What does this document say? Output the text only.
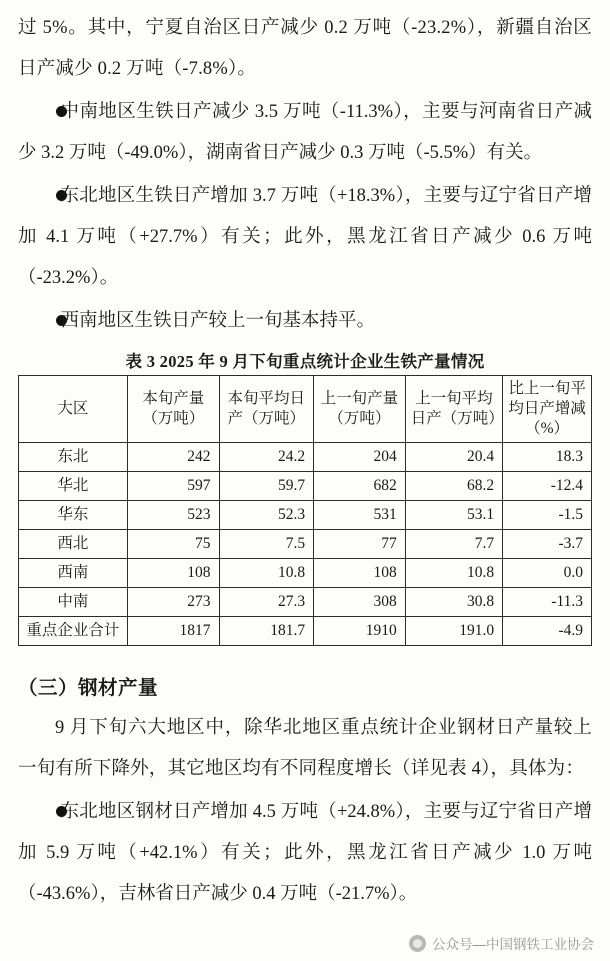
过 5%。其中，宁夏自治区日产减少 0.2 万吨（-23.2%），新疆自治区日产减少 0.2 万吨（-7.8%）。

中南地区生铁日产减少 3.5 万吨（-11.3%），主要与河南省日产减少 3.2 万吨（-49.0%），湖南省日产减少 0.3 万吨（-5.5%）有关。

东北地区生铁日产增加 3.7 万吨（+18.3%），主要与辽宁省日产增加 4.1 万吨（+27.7%）有关；此外，黑龙江省日产减少 0.6 万吨（-23.2%）。

西南地区生铁日产较上一旬基本持平。

表 3 2025 年 9 月下旬重点统计企业生铁产量情况
大区	本旬产量（万吨）	本旬平均日产（万吨）	上一旬产量（万吨）	上一旬平均日产（万吨）	比上一旬平均日产增减（%）
东北	242	24.2	204	20.4	18.3
华北	597	59.7	682	68.2	-12.4
华东	523	52.3	531	53.1	-1.5
西北	75	7.5	77	7.7	-3.7
西南	108	10.8	108	10.8	0.0
中南	273	27.3	308	30.8	-11.3
重点企业合计	1817	181.7	1910	191.0	-4.9
（三）钢材产量

9 月下旬六大地区中，除华北地区重点统计企业钢材日产量较上一旬有所下降外，其它地区均有不同程度增长（详见表 4），具体为：

东北地区钢材日产增加 4.5 万吨（+24.8%），主要与辽宁省日产增加 5.9 万吨（+42.1%）有关；此外，黑龙江省日产减少 1.0 万吨（-43.6%），吉林省日产减少 0.4 万吨（-21.7%）。

公众号—中国钢铁工业协会
